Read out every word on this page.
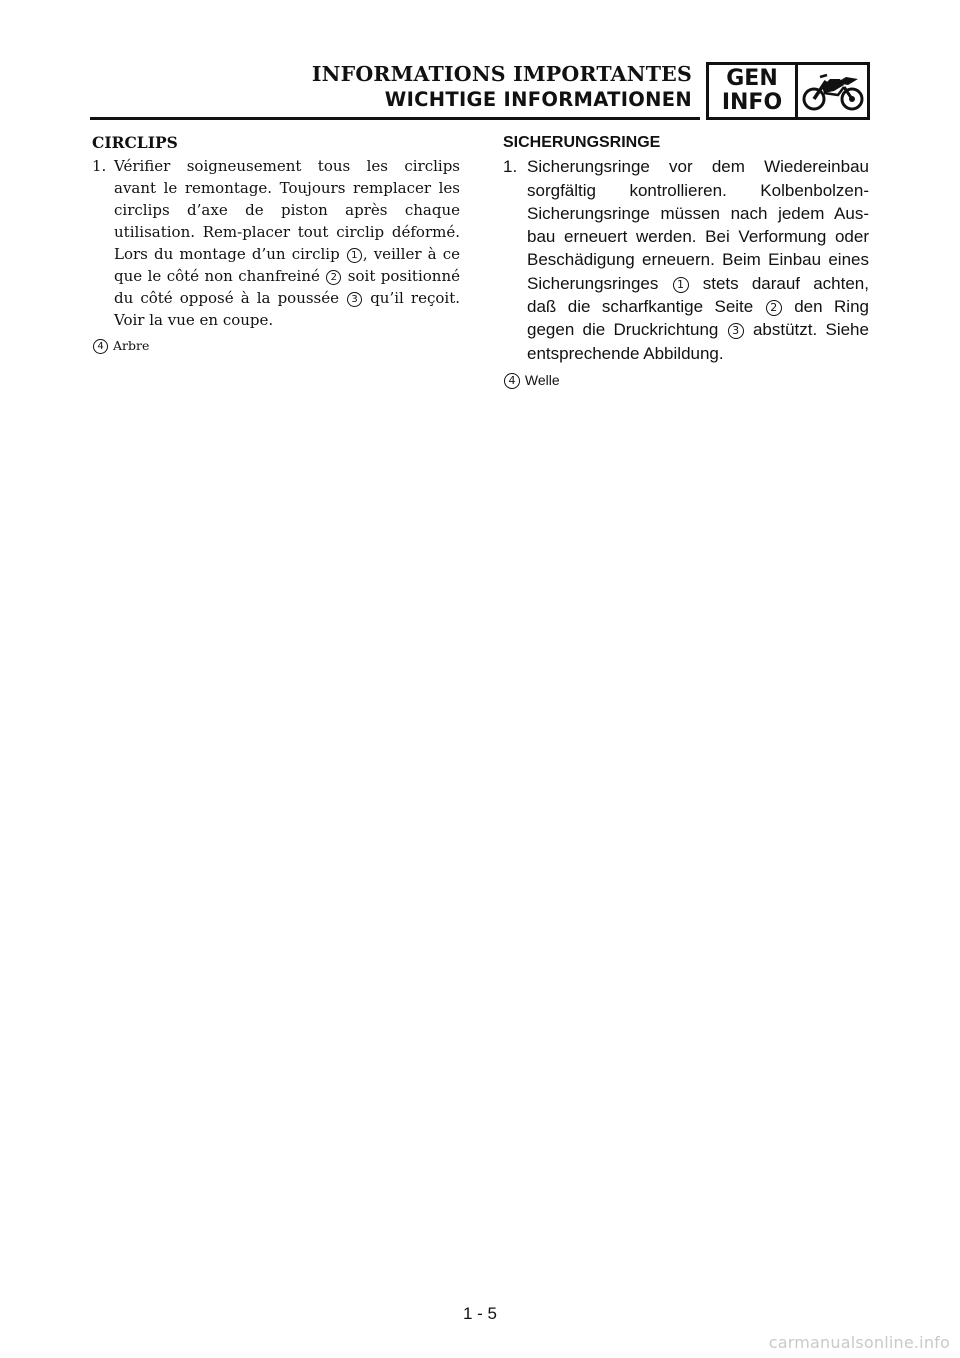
INFORMATIONS IMPORTANTES
WICHTIGE INFORMATIONEN
GEN
INFO
CIRCLIPS
1. Vérifier soigneusement tous les circlips avant le remontage. Toujours remplacer les circlips d’axe de piston après chaque utilisation. Rem-placer tout circlip déformé. Lors du montage d’un circlip 1 , veiller à ce que le côté non chanfreiné 2 soit positionné du côté opposé à la poussée 3 qu’il reçoit. Voir la vue en coupe.
4 Arbre
SICHERUNGSRINGE
1. Sicherungsringe vor dem Wiedereinbau sorgfältig kontrollieren. Kolbenbolzen-Sicherungsringe müssen nach jedem Aus-bau erneuert werden. Bei Verformung oder Beschädigung erneuern. Beim Einbau eines Sicherungsringes 1 stets darauf achten, daß die scharfkantige Seite 2 den Ring gegen die Druckrichtung 3 abstützt. Siehe entsprechende Abbildung.
4 Welle
1 - 5
carmanualsonline.info
